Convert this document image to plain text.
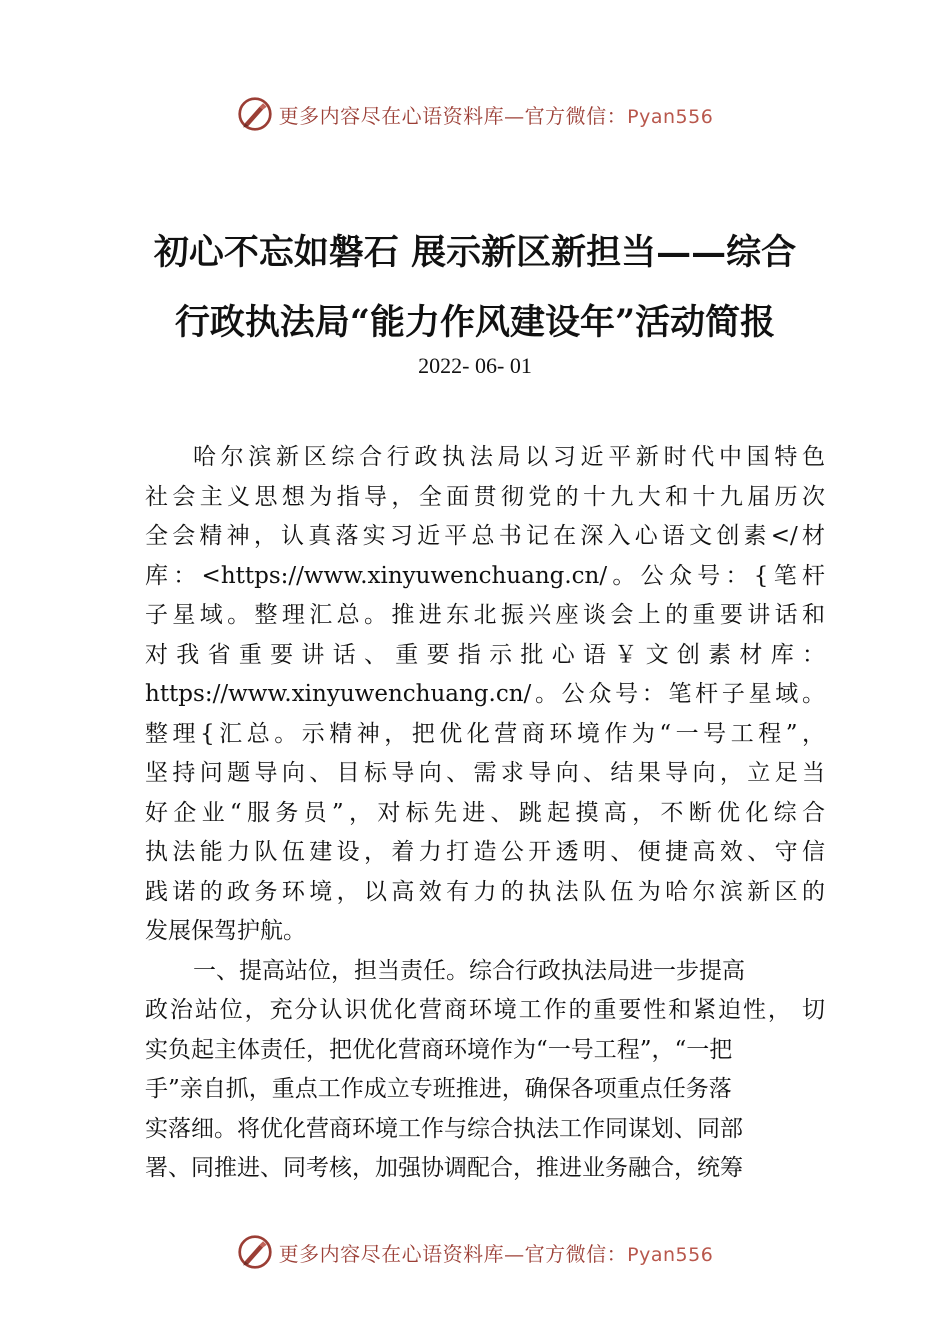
更多内容尽在心语资料库—官方微信：Pyan556
初心不忘如磐石 展示新区新担当——综合
行政执法局“能力作风建设年”活动简报
2022- 06- 01

哈尔滨新区综合行政执法局以习近平新时代中国特色
社会主义思想为指导，全面贯彻党的十九大和十九届历次
全会精神，认真落实习近平总书记在深入心语文创素</材
库：<https://www.xinyuwenchuang.cn/。公众号：{笔杆
子星域。整理汇总。推进东北振兴座谈会上的重要讲话和
对我省重要讲话、重要指示批心语￥文创素材库：
https://www.xinyuwenchuang.cn/。公众号：笔杆子星域。
整理{汇总。示精神，把优化营商环境作为“一号工程”，
坚持问题导向、目标导向、需求导向、结果导向，立足当
好企业“服务员”，对标先进、跳起摸高，不断优化综合
执法能力队伍建设，着力打造公开透明、便捷高效、守信
践诺的政务环境，以高效有力的执法队伍为哈尔滨新区的
发展保驾护航。

一、提高站位，担当责任。综合行政执法局进一步提高
政治站位，充分认识优化营商环境工作的重要性和紧迫性， 切
实负起主体责任，把优化营商环境作为“一号工程”，“一把
手”亲自抓，重点工作成立专班推进，确保各项重点任务落
实落细。将优化营商环境工作与综合执法工作同谋划、同部
署、同推进、同考核，加强协调配合，推进业务融合，统筹

更多内容尽在心语资料库—官方微信：Pyan556
